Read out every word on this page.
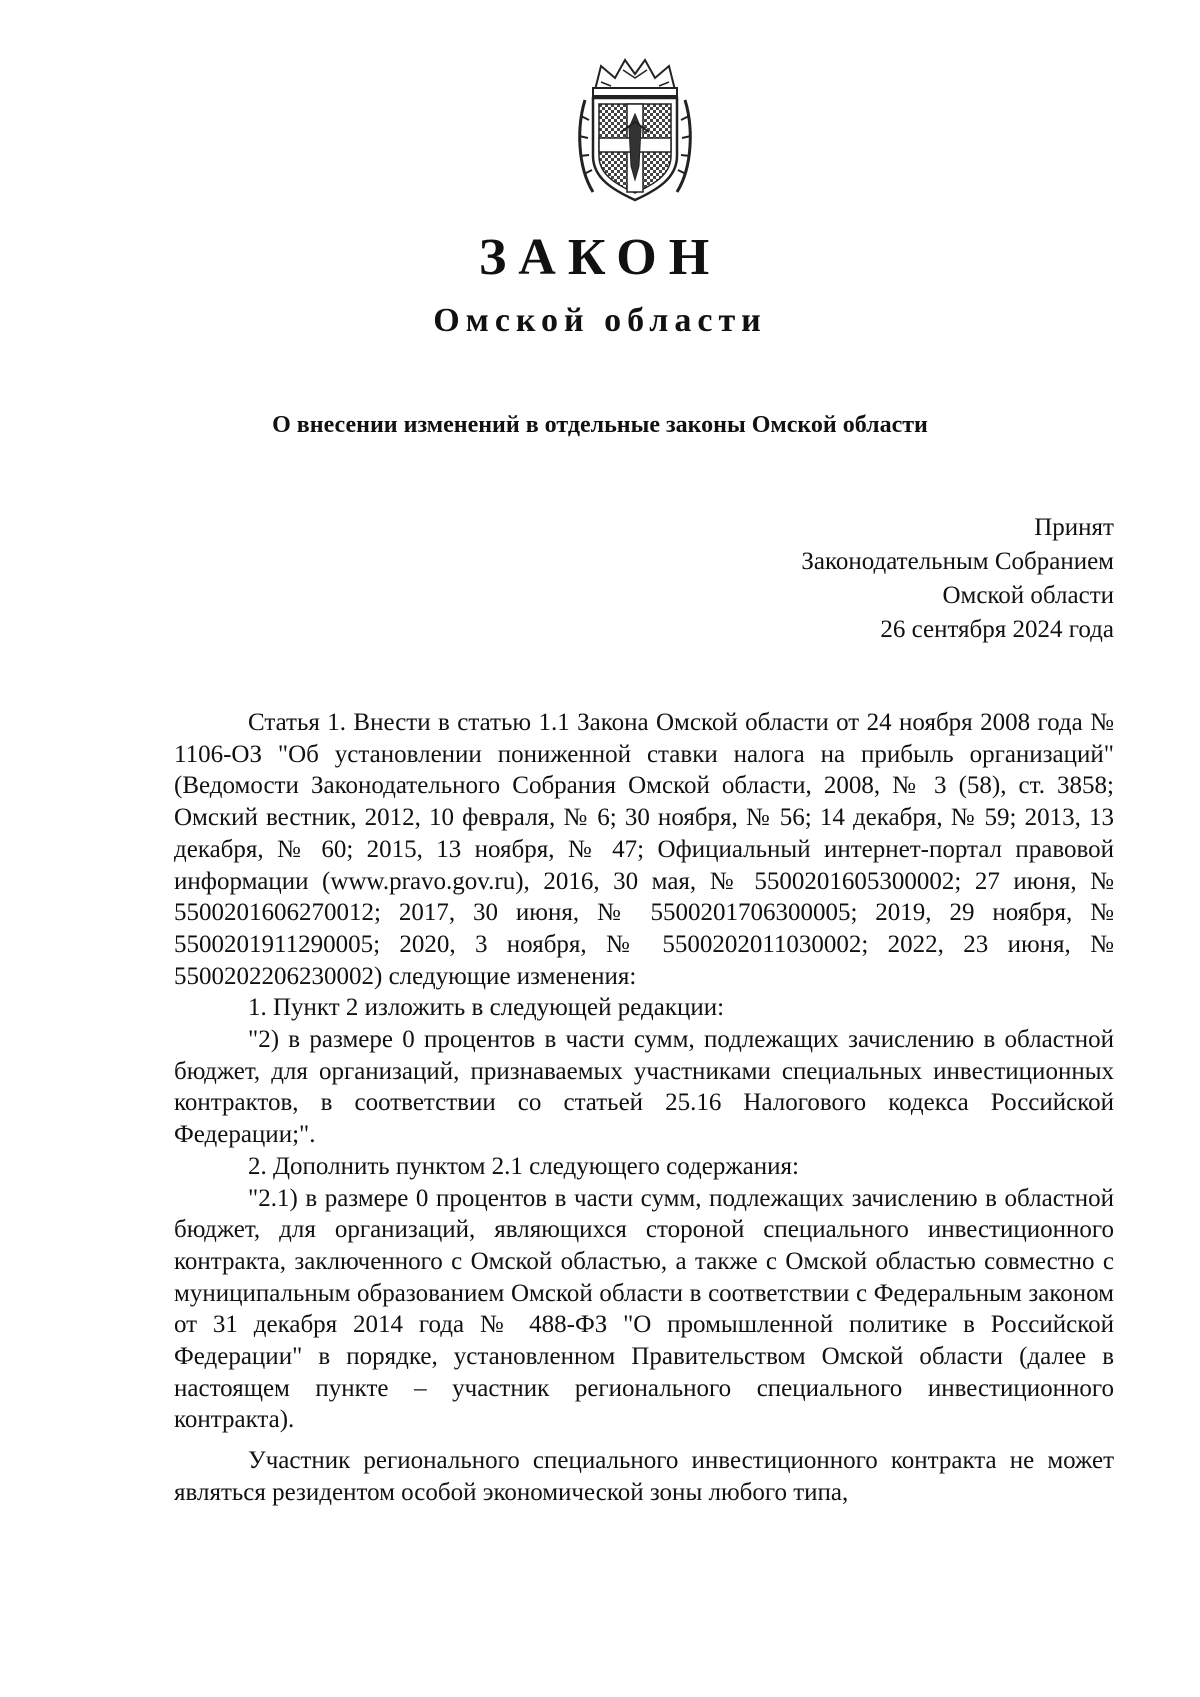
ЗАКОН
Омской области
О внесении изменений в отдельные законы Омской области
Принят
Законодательным Собранием
Омской области
26 сентября 2024 года

Статья 1. Внести в статью 1.1 Закона Омской области от 24 ноября 2008 года № 1106-ОЗ "Об установлении пониженной ставки налога на прибыль организаций" (Ведомости Законодательного Собрания Омской области, 2008, № 3 (58), ст. 3858; Омский вестник, 2012, 10 февраля, № 6; 30 ноября, № 56; 14 декабря, № 59; 2013, 13 декабря, № 60; 2015, 13 ноября, № 47; Официальный интернет-портал правовой информации (www.pravo.gov.ru), 2016, 30 мая, № 5500201605300002; 27 июня, № 5500201606270012; 2017, 30 июня, № 5500201706300005; 2019, 29 ноября, № 5500201911290005; 2020, 3 ноября, № 5500202011030002; 2022, 23 июня, № 5500202206230002) следующие изменения:

1. Пункт 2 изложить в следующей редакции:

"2) в размере 0 процентов в части сумм, подлежащих зачислению в областной бюджет, для организаций, признаваемых участниками специальных инвестиционных контрактов, в соответствии со статьей 25.16 Налогового кодекса Российской Федерации;".

2. Дополнить пунктом 2.1 следующего содержания:

"2.1) в размере 0 процентов в части сумм, подлежащих зачислению в областной бюджет, для организаций, являющихся стороной специального инвестиционного контракта, заключенного с Омской областью, а также с Омской областью совместно с муниципальным образованием Омской области в соответствии с Федеральным законом от 31 декабря 2014 года № 488-ФЗ "О промышленной политике в Российской Федерации" в порядке, установленном Правительством Омской области (далее в настоящем пункте – участник регионального специального инвестиционного контракта).

Участник регионального специального инвестиционного контракта не может являться резидентом особой экономической зоны любого типа,
